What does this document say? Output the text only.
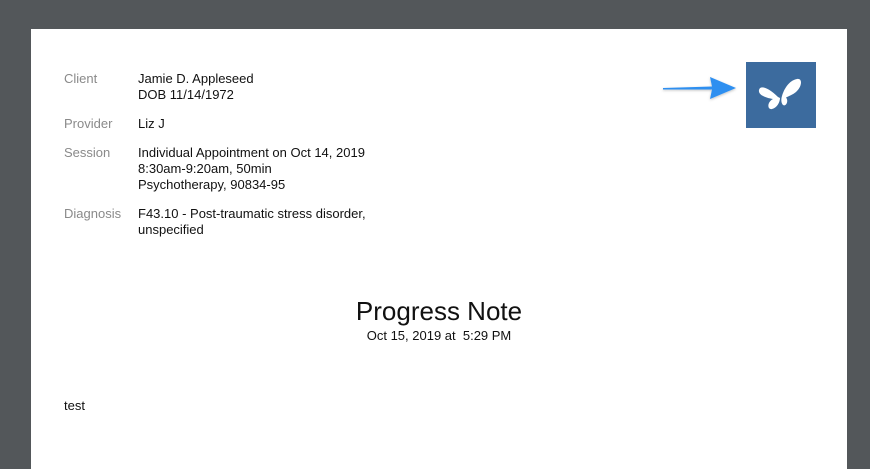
Client	Jamie D. Appleseed
DOB 11/14/1972
Provider	Liz J
Session	Individual Appointment on Oct 14, 2019
8:30am-9:20am, 50min
Psychotherapy, 90834-95
Diagnosis	F43.10 - Post-traumatic stress disorder,
unspecified
Progress Note
Oct 15, 2019 at  5:29 PM
test
